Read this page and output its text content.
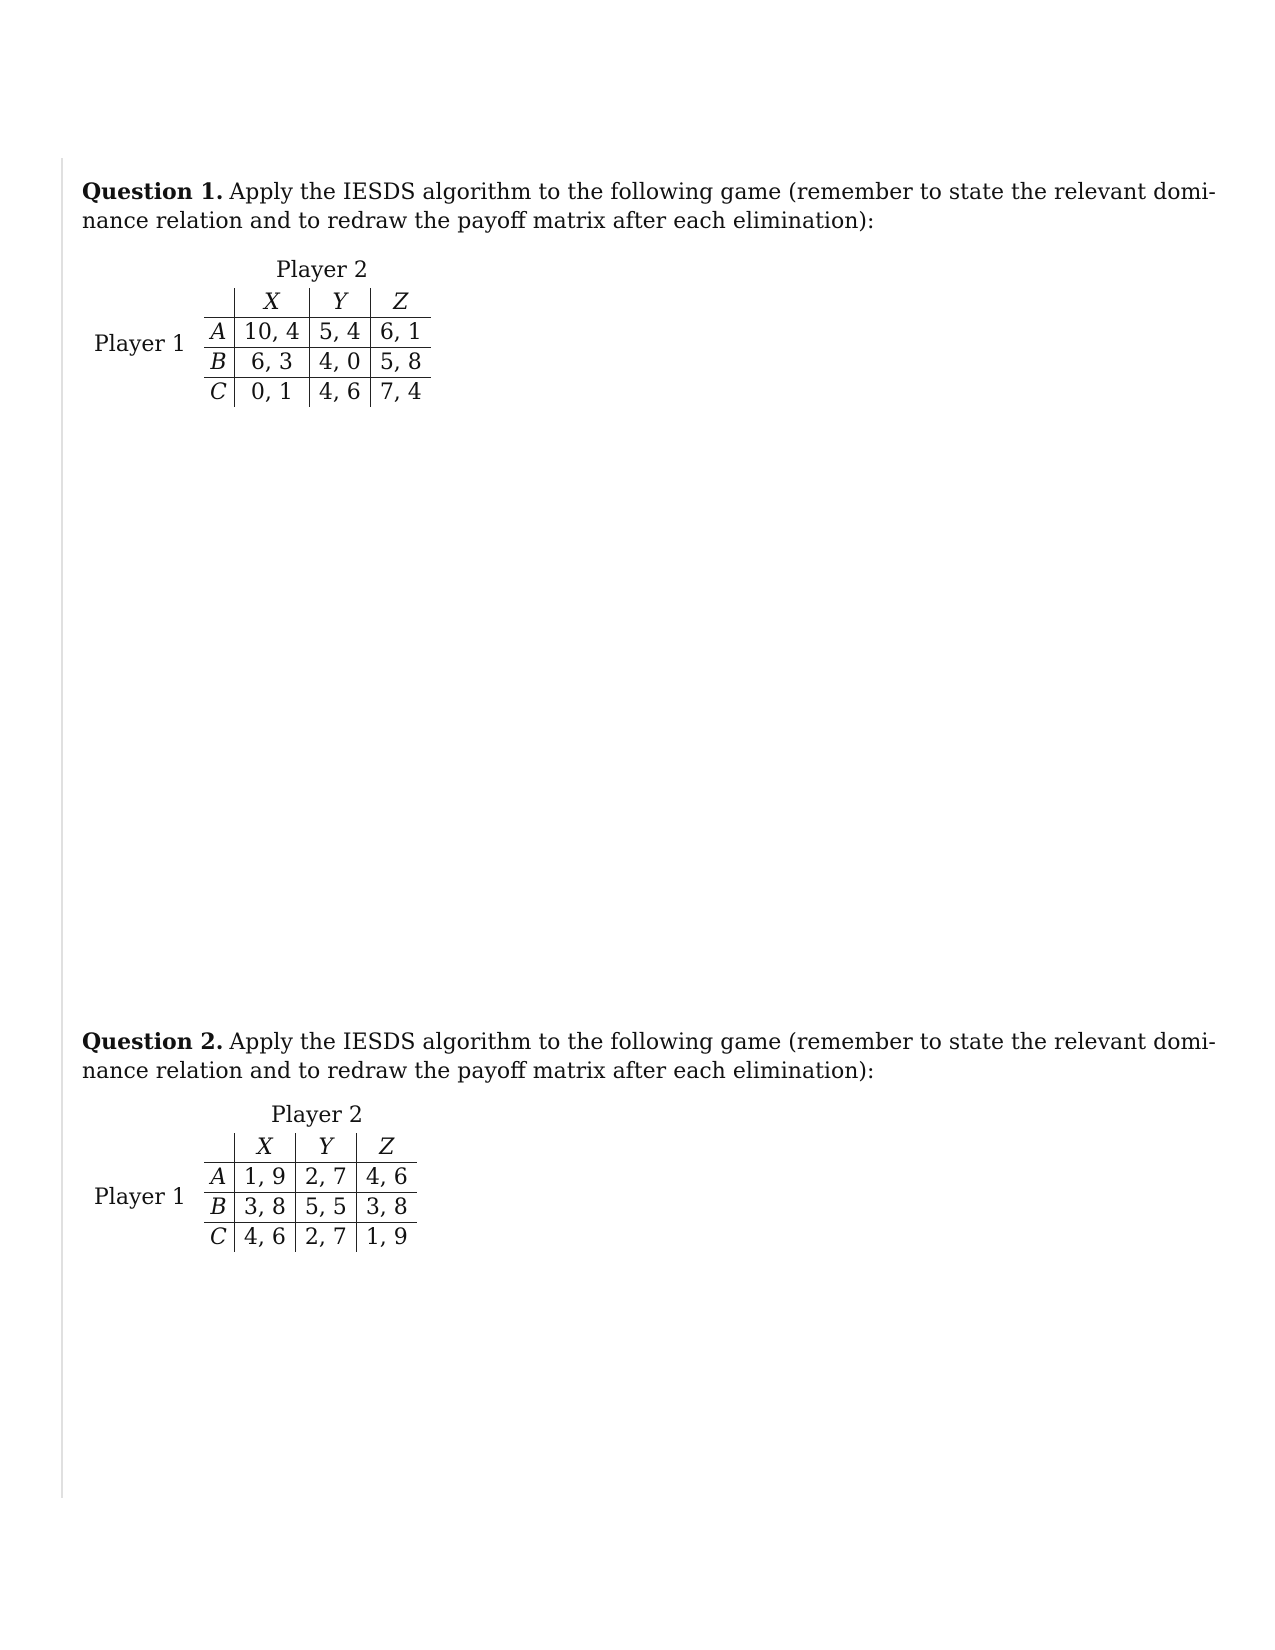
Question 1. Apply the IESDS algorithm to the following game (remember to state the relevant domi-
nance relation and to redraw the payoff matrix after each elimination):
Player 2
Player 1
	X	Y	Z
A	10, 4	5, 4	6, 1
B	6, 3	4, 0	5, 8
C	0, 1	4, 6	7, 4
Question 2. Apply the IESDS algorithm to the following game (remember to state the relevant domi-
nance relation and to redraw the payoff matrix after each elimination):
Player 2
Player 1
	X	Y	Z
A	1, 9	2, 7	4, 6
B	3, 8	5, 5	3, 8
C	4, 6	2, 7	1, 9
